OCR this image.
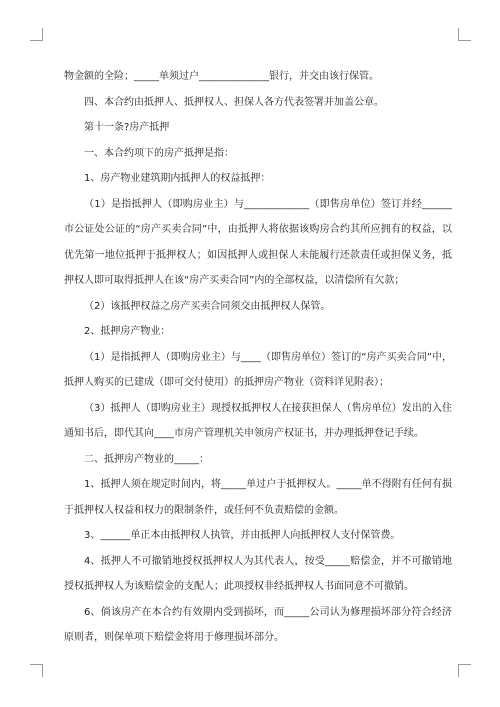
物金额的全险；_____单须过户______________银行，并交由该行保管。

四、本合约由抵押人、抵押权人、担保人各方代表签署并加盖公章。

第十一条?房产抵押

一、本合约项下的房产抵押是指：

1、房产物业建筑期内抵押人的权益抵押：

（1）是指抵押人（即购房业主）与_____________（即售房单位）签订并经______市公证处公证的“房产买卖合同”中，由抵押人将依据该购房合约其所应拥有的权益，以优先第一地位抵押于抵押权人；如因抵押人或担保人未能履行还款责任或担保义务，抵押权人即可取得抵押人在该“房产买卖合同”内的全部权益，以清偿所有欠款；

（2）该抵押权益之房产买卖合同须交由抵押权人保管。

2、抵押房产物业：

（1）是指抵押人（即购房业主）与____（即售房单位）签订的“房产买卖合同”中，抵押人购买的已建成（即可交付使用）的抵押房产物业（资料详见附表）；

（3）抵押人（即购房业主）现授权抵押权人在接获担保人（售房单位）发出的入住通知书后，即代其向____市房产管理机关申领房产权证书，并办理抵押登记手续。

二、抵押房产物业的_____：

1、抵押人须在规定时间内，将_____单过户于抵押权人。_____单不得附有任何有损于抵押权人权益和权力的限制条件，或任何不负责赔偿的金额。

3、______单正本由抵押权人执管，并由抵押人向抵押权人支付保管费。

4、抵押人不可撤销地授权抵押权人为其代表人，按受_____赔偿金，并不可撤销地授权抵押权人为该赔偿金的支配人；此项授权非经抵押权人书面同意不可撤销。

6、倘该房产在本合约有效期内受到损坏，而_____公司认为修理损坏部分符合经济原则者，则保单项下赔偿金将用于修理损坏部分。
